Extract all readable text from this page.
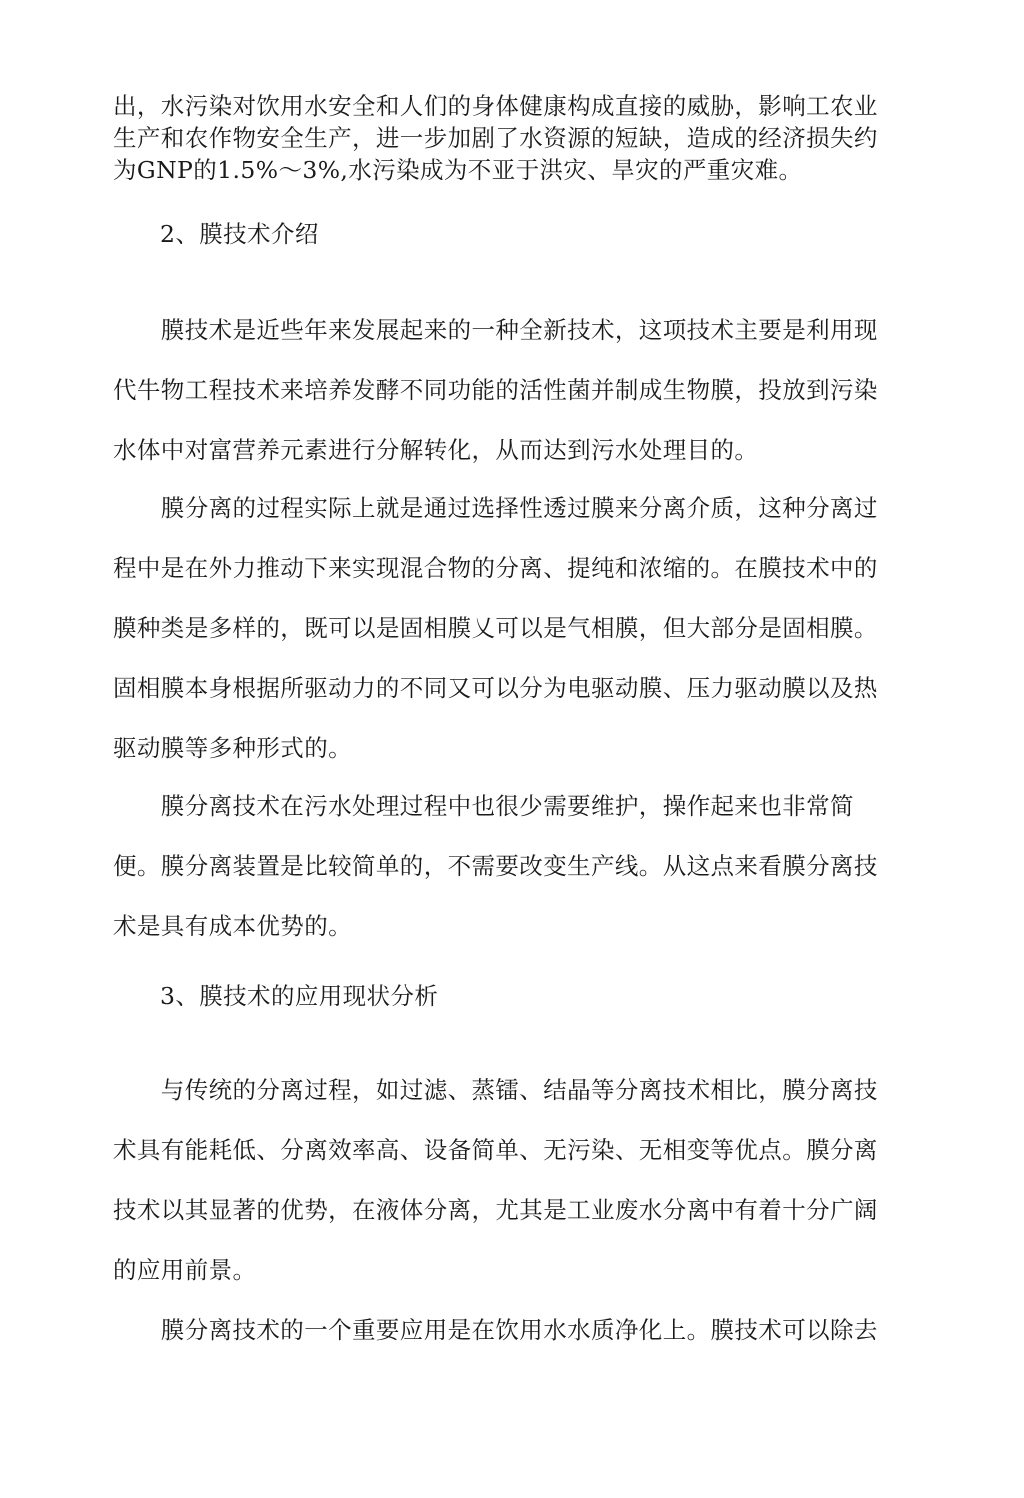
出，水污染对饮用水安全和人们的身体健康构成直接的威胁，影响工农业
生产和农作物安全生产，进一步加剧了水资源的短缺，造成的经济损失约
为GNP的1.5%～3%,水污染成为不亚于洪灾、旱灾的严重灾难。
2、膜技术介绍
　　膜技术是近些年来发展起来的一种全新技术，这项技术主要是利用现
代牛物工程技术来培养发酵不同功能的活性菌并制成生物膜，投放到污染
水体中对富营养元素进行分解转化，从而达到污水处理目的。
　　膜分离的过程实际上就是通过选择性透过膜来分离介质，这种分离过
程中是在外力推动下来实现混合物的分离、提纯和浓缩的。在膜技术中的
膜种类是多样的，既可以是固相膜乂可以是气相膜，但大部分是固相膜。
固相膜本身根据所驱动力的不同又可以分为电驱动膜、压力驱动膜以及热
驱动膜等多种形式的。
　　膜分离技术在污水处理过程中也很少需要维护，操作起来也非常简
便。膜分离装置是比较简单的，不需要改变生产线。从这点来看膜分离技
术是具有成本优势的。
3、膜技术的应用现状分析
　　与传统的分离过程，如过滤、蒸镭、结晶等分离技术相比，膜分离技
术具有能耗低、分离效率高、设备简单、无污染、无相变等优点。膜分离
技术以其显著的优势，在液体分离，尤其是工业废水分离中有着十分广阔
的应用前景。
　　膜分离技术的一个重要应用是在饮用水水质净化上。膜技术可以除去
